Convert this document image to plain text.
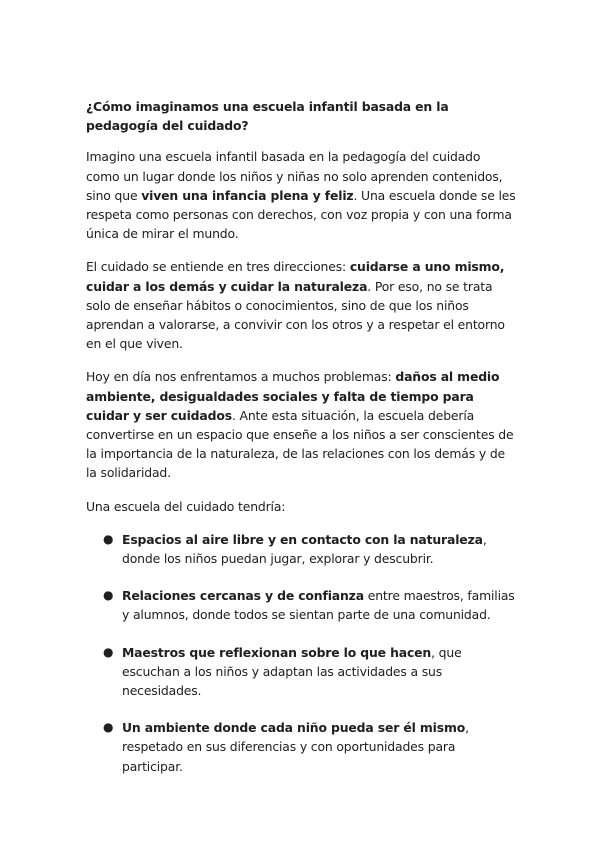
¿Cómo imaginamos una escuela infantil basada en la pedagogía del cuidado?

Imagino una escuela infantil basada en la pedagogía del cuidado como un lugar donde los niños y niñas no solo aprenden contenidos, sino que viven una infancia plena y feliz. Una escuela donde se les respeta como personas con derechos, con voz propia y con una forma única de mirar el mundo.

El cuidado se entiende en tres direcciones: cuidarse a uno mismo, cuidar a los demás y cuidar la naturaleza. Por eso, no se trata solo de enseñar hábitos o conocimientos, sino de que los niños aprendan a valorarse, a convivir con los otros y a respetar el entorno en el que viven.

Hoy en día nos enfrentamos a muchos problemas: daños al medio ambiente, desigualdades sociales y falta de tiempo para cuidar y ser cuidados. Ante esta situación, la escuela debería convertirse en un espacio que enseñe a los niños a ser conscientes de la importancia de la naturaleza, de las relaciones con los demás y de la solidaridad.

Una escuela del cuidado tendría:

● Espacios al aire libre y en contacto con la naturaleza, donde los niños puedan jugar, explorar y descubrir.
● Relaciones cercanas y de confianza entre maestros, familias y alumnos, donde todos se sientan parte de una comunidad.
● Maestros que reflexionan sobre lo que hacen, que escuchan a los niños y adaptan las actividades a sus necesidades.
● Un ambiente donde cada niño pueda ser él mismo, respetado en sus diferencias y con oportunidades para participar.
